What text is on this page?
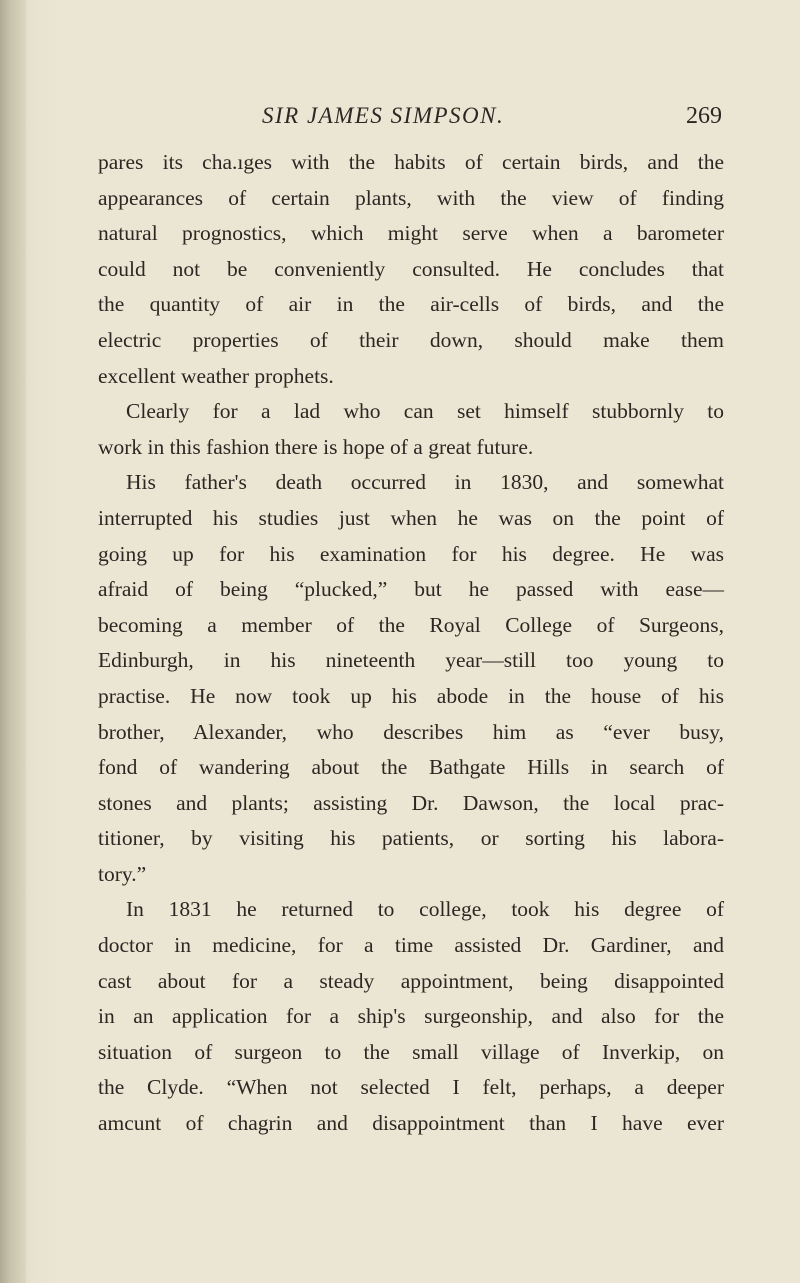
SIR JAMES SIMPSON.	269
pares its cha.ıges with the habits of certain birds, and the
appearances of certain plants, with the view of finding
natural prognostics, which might serve when a barometer
could not be conveniently consulted. He concludes that
the quantity of air in the air-cells of birds, and the
electric properties of their down, should make them
excellent weather prophets.
Clearly for a lad who can set himself stubbornly to
work in this fashion there is hope of a great future.
His father's death occurred in 1830, and somewhat
interrupted his studies just when he was on the point of
going up for his examination for his degree. He was
afraid of being “plucked,” but he passed with ease—
becoming a member of the Royal College of Surgeons,
Edinburgh, in his nineteenth year—still too young to
practise. He now took up his abode in the house of his
brother, Alexander, who describes him as “ever busy,
fond of wandering about the Bathgate Hills in search of
stones and plants; assisting Dr. Dawson, the local prac-
titioner, by visiting his patients, or sorting his labora-
tory.”
In 1831 he returned to college, took his degree of
doctor in medicine, for a time assisted Dr. Gardiner, and
cast about for a steady appointment, being disappointed
in an application for a ship's surgeonship, and also for the
situation of surgeon to the small village of Inverkip, on
the Clyde. “When not selected I felt, perhaps, a deeper
amcunt of chagrin and disappointment than I have ever
